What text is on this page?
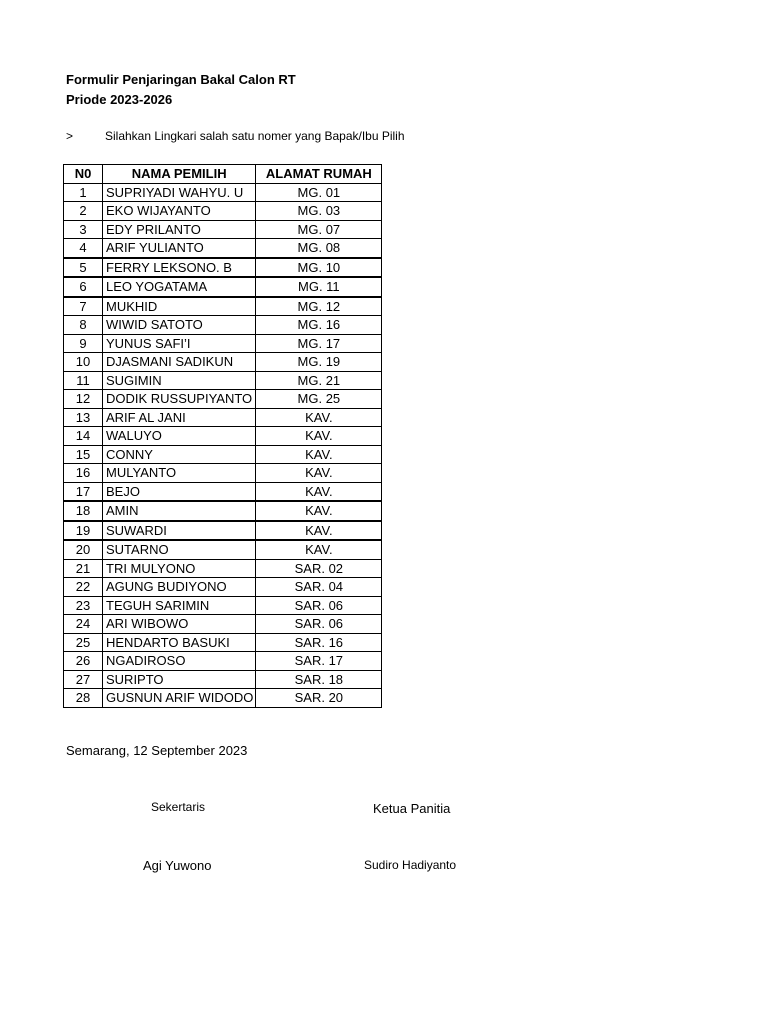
Formulir Penjaringan Bakal Calon RT
Priode 2023-2026
>	Silahkan Lingkari salah satu nomer yang Bapak/Ibu Pilih
N0	NAMA PEMILIH	ALAMAT RUMAH
1	SUPRIYADI WAHYU. U	MG. 01
2	EKO WIJAYANTO	MG. 03
3	EDY PRILANTO	MG. 07
4	ARIF YULIANTO	MG. 08
5	FERRY LEKSONO. B	MG. 10
6	LEO YOGATAMA	MG. 11
7	MUKHID	MG. 12
8	WIWID SATOTO	MG. 16
9	YUNUS SAFI’I	MG. 17
10	DJASMANI SADIKUN	MG. 19
11	SUGIMIN	MG. 21
12	DODIK RUSSUPIYANTO	MG. 25
13	ARIF AL JANI	KAV.
14	WALUYO	KAV.
15	CONNY	KAV.
16	MULYANTO	KAV.
17	BEJO	KAV.
18	AMIN	KAV.
19	SUWARDI	KAV.
20	SUTARNO	KAV.
21	TRI MULYONO	SAR. 02
22	AGUNG BUDIYONO	SAR. 04
23	TEGUH SARIMIN	SAR. 06
24	ARI WIBOWO	SAR. 06
25	HENDARTO BASUKI	SAR. 16
26	NGADIROSO	SAR. 17
27	SURIPTO	SAR. 18
28	GUSNUN ARIF WIDODO	SAR. 20
Semarang, 12 September 2023
Sekertaris	Ketua Panitia
Agi Yuwono	Sudiro Hadiyanto
